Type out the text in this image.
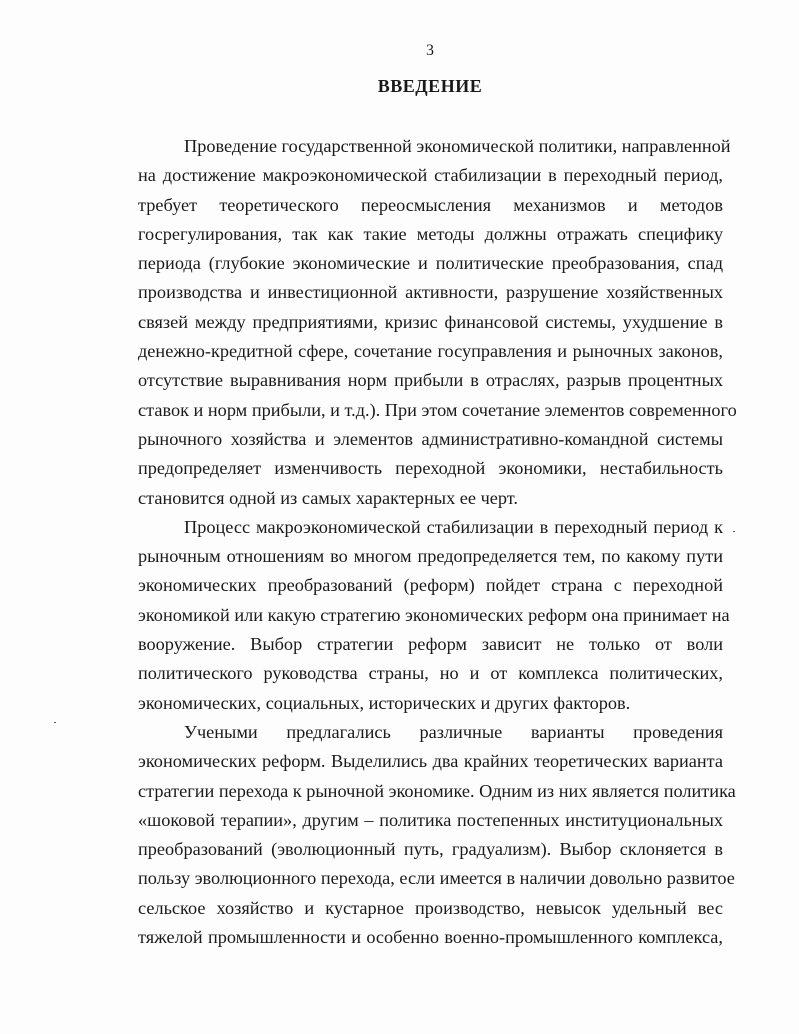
3
ВВЕДЕНИЕ
Проведение государственной экономической политики, направленной
на достижение макроэкономической стабилизации в переходный период,
требует теоретического переосмысления механизмов и методов
госрегулирования, так как такие методы должны отражать специфику
периода (глубокие экономические и политические преобразования, спад
производства и инвестиционной активности, разрушение хозяйственных
связей между предприятиями, кризис финансовой системы, ухудшение в
денежно-кредитной сфере, сочетание госуправления и рыночных законов,
отсутствие выравнивания норм прибыли в отраслях, разрыв процентных
ставок и норм прибыли, и т.д.). При этом сочетание элементов современного
рыночного хозяйства и элементов административно-командной системы
предопределяет изменчивость переходной экономики, нестабильность
становится одной из самых характерных ее черт.
Процесс макроэкономической стабилизации в переходный период к
рыночным отношениям во многом предопределяется тем, по какому пути
экономических преобразований (реформ) пойдет страна с переходной
экономикой или какую стратегию экономических реформ она принимает на
вооружение. Выбор стратегии реформ зависит не только от воли
политического руководства страны, но и от комплекса политических,
экономических, социальных, исторических и других факторов.
Учеными предлагались различные варианты проведения
экономических реформ. Выделились два крайних теоретических варианта
стратегии перехода к рыночной экономике. Одним из них является политика
«шоковой терапии», другим – политика постепенных институциональных
преобразований (эволюционный путь, градуализм). Выбор склоняется в
пользу эволюционного перехода, если имеется в наличии довольно развитое
сельское хозяйство и кустарное производство, невысок удельный вес
тяжелой промышленности и особенно военно-промышленного комплекса,
